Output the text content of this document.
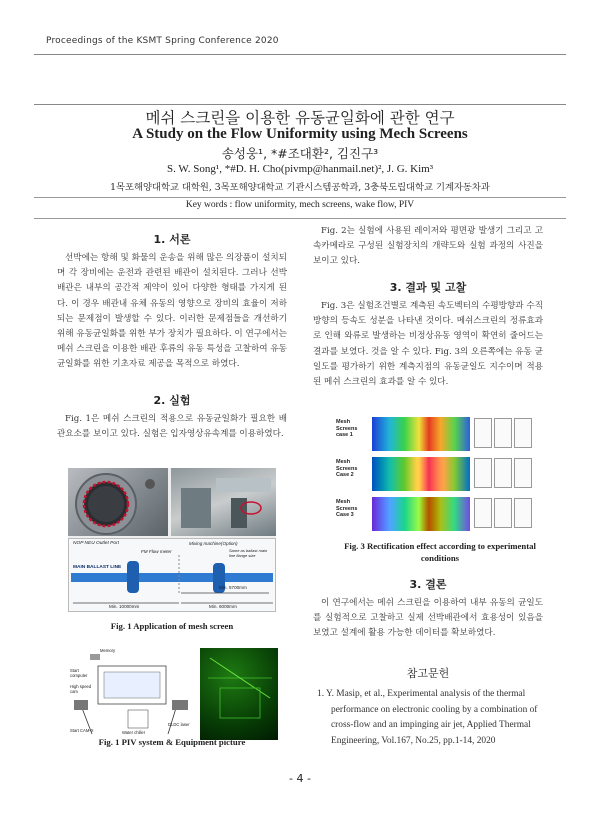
Proceedings of the KSMT Spring Conference 2020
메쉬 스크린을 이용한 유동균일화에 관한 연구
A Study on the Flow Uniformity using Mech Screens
송성웅¹, *#조대환², 김진구³
S. W. Song¹, *#D. H. Cho(pivmp@hanmail.net)², J. G. Kim³
1목포해양대학교 대학원, 3목포해양대학교 기관시스템공학과, 3충북도립대학교 기계자동차과
Key words : flow uniformity, mech screens, wake flow, PIV
1. 서론
선박에는 항해 및 화물의 운송을 위해 많은 의장품이 설치되며 각 장비에는 운전과 관련된 배관이 설치된다. 그러나 선박 배관은 내부의 공간적 제약이 있어 다양한 형태를 가지게 된다. 이 경우 배관내 유체 유동의 영향으로 장비의 효율이 저하되는 문제점이 발생할 수 있다. 이러한 문제점들을 개선하기 위해 유동균일화를 위한 부가 장치가 필요하다. 이 연구에서는 메쉬 스크린을 이용한 배관 후류의 유동 특성을 고찰하여 유동균일화를 위한 기초자료 제공을 목적으로 하였다.
2. 실험
Fig. 1은 메쉬 스크린의 적용으로 유동균일화가 필요한 배관요소를 보이고 있다. 실험은 입자영상유속계를 이용하였다.
NOP NEU Outlet Port
FM Flow meter
Mixing machine(Option)
Same as ballast main line flange size
MAIN BALLAST LINE
Min. 5700mm
Min. 10000mm	Min. 6000mm
Fig. 1 Application of mesh screen
Memory
Start computer
High speed cam
Start CAM-X	Water chiller
DLDC laser
Fig. 1 PIV system & Equipment picture
Fig. 2는 실험에 사용된 레이저와 평면광 발생기 그리고 고속카메라로 구성된 실험장치의 개략도와 실험 과정의 사진을 보이고 있다.
3. 결과 및 고찰
Fig. 3은 실험조건별로 계측된 속도벡터의 수평방향과 수직방향의 등속도 성분을 나타낸 것이다. 메쉬스크린의 정류효과로 인해 와류로 발생하는 비정상유동 영역이 확연히 줄어드는 결과를 보였다. 것을 알 수 있다. Fig. 3의 오른쪽에는 유동 균일도를 평가하기 위한 계측지점의 유동균일도 지수이며 적용된 메쉬 스크린의 효과를 알 수 있다.
Mesh Screens case 1
Mesh Screens Case 2
Mesh Screens Case 3
Fig. 3 Rectification effect according to experimental conditions
3. 결론
이 연구에서는 메쉬 스크린을 이용하여 내부 유동의 균일도를 실험적으로 고찰하고 실제 선박배관에서 효용성이 있음을 보였고 설계에 활용 가능한 데이터를 확보하였다.
참고문헌
1. Y. Masip, et al., Experimental analysis of the thermal performance on electronic cooling by a combination of cross-flow and an impinging air jet, Applied Thermal Engineering, Vol.167, No.25, pp.1-14, 2020
- 4 -
